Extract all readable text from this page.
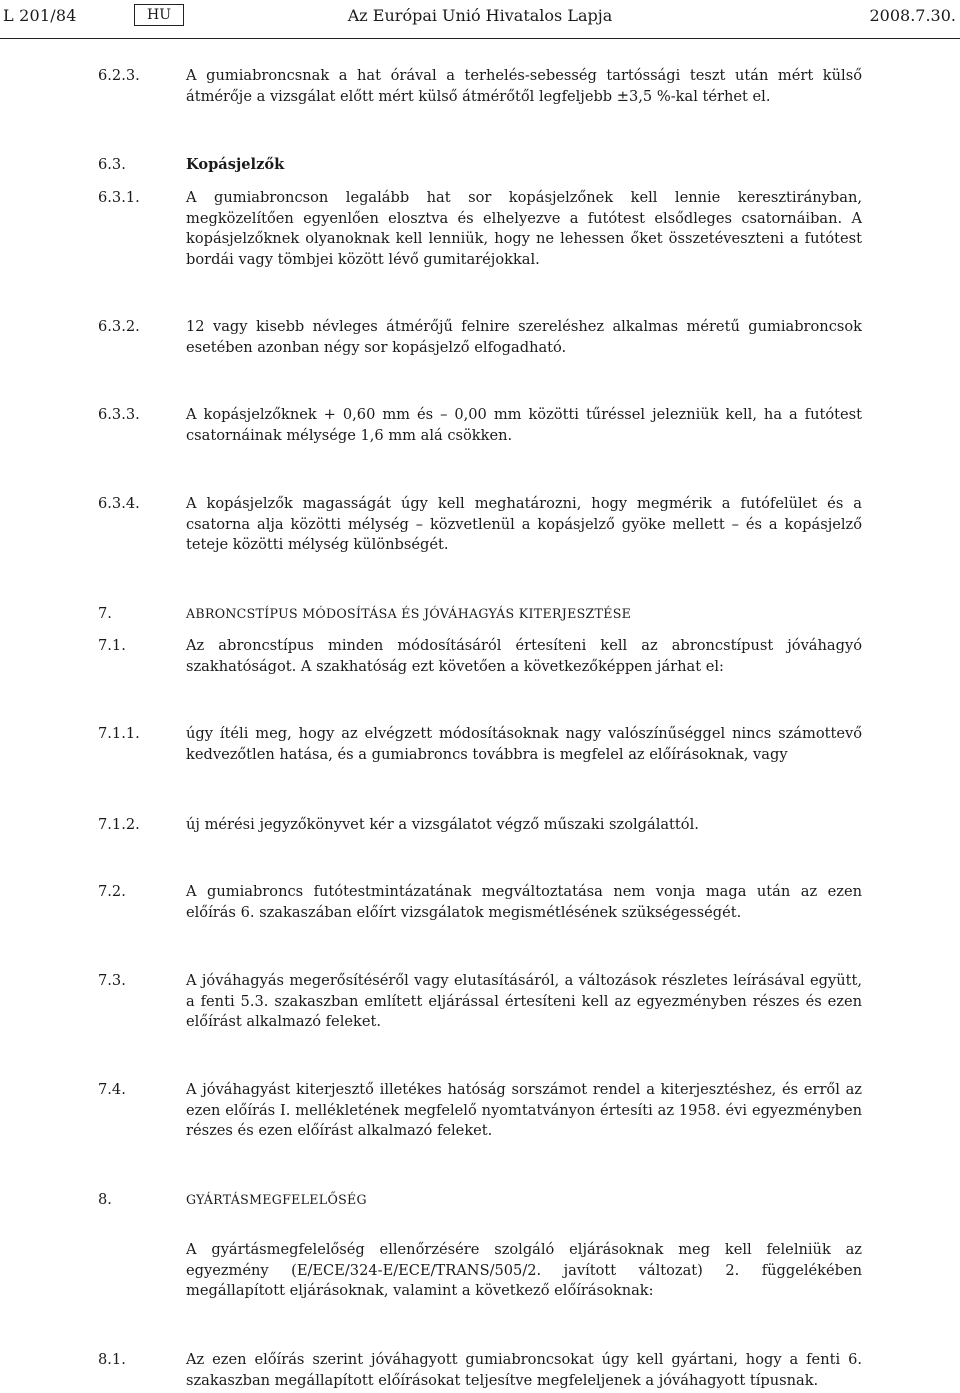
L 201/84	HU	Az Európai Unió Hivatalos Lapja	2008.7.30.
6.2.3.	A gumiabroncsnak a hat órával a terhelés-sebesség tartóssági teszt után mért külső átmérője a vizsgálat előtt mért külső átmérőtől legfeljebb ±3,5 %-kal térhet el.

6.3.	Kopásjelzők

6.3.1.	A gumiabroncson legalább hat sor kopásjelzőnek kell lennie keresztirányban, megközelítően egyenlően elosztva és elhelyezve a futótest elsődleges csatornáiban. A kopásjelzőknek olyanoknak kell lenniük, hogy ne lehessen őket összetéveszteni a futótest bordái vagy tömbjei között lévő gumitaréjokkal.

6.3.2.	12 vagy kisebb névleges átmérőjű felnire szereléshez alkalmas méretű gumiabroncsok esetében azonban négy sor kopásjelző elfogadható.

6.3.3.	A kopásjelzőknek + 0,60 mm és – 0,00 mm közötti tűréssel jelezniük kell, ha a futótest csatornáinak mélysége 1,6 mm alá csökken.

6.3.4.	A kopásjelzők magasságát úgy kell meghatározni, hogy megmérik a futófelület és a csatorna alja közötti mélység – közvetlenül a kopásjelző gyöke mellett – és a kopásjelző teteje közötti mélység különbségét.

7.	ABRONCSTÍPUS MÓDOSÍTÁSA ÉS JÓVÁHAGYÁS KITERJESZTÉSE

7.1.	Az abroncstípus minden módosításáról értesíteni kell az abroncstípust jóváhagyó szakhatóságot. A szakhatóság ezt követően a következőképpen járhat el:

7.1.1.	úgy ítéli meg, hogy az elvégzett módosításoknak nagy valószínűséggel nincs számottevő kedvezőtlen hatása, és a gumiabroncs továbbra is megfelel az előírásoknak, vagy

7.1.2.	új mérési jegyzőkönyvet kér a vizsgálatot végző műszaki szolgálattól.

7.2.	A gumiabroncs futótestmintázatának megváltoztatása nem vonja maga után az ezen előírás 6. szakaszában előírt vizsgálatok megismétlésének szükségességét.

7.3.	A jóváhagyás megerősítéséről vagy elutasításáról, a változások részletes leírásával együtt, a fenti 5.3. szakaszban említett eljárással értesíteni kell az egyezményben részes és ezen előírást alkalmazó feleket.

7.4.	A jóváhagyást kiterjesztő illetékes hatóság sorszámot rendel a kiterjesztéshez, és erről az ezen előírás I. mellékletének megfelelő nyomtatványon értesíti az 1958. évi egyezményben részes és ezen előírást alkalmazó feleket.

8.	GYÁRTÁSMEGFELELŐSÉG

A gyártásmegfelelőség ellenőrzésére szolgáló eljárásoknak meg kell felelniük az egyezmény (E/ECE/324-E/ECE/TRANS/505/2. javított változat) 2. függelékében megállapított eljárásoknak, valamint a következő előírásoknak:

8.1.	Az ezen előírás szerint jóváhagyott gumiabroncsokat úgy kell gyártani, hogy a fenti 6. szakaszban megállapított előírásokat teljesítve megfeleljenek a jóváhagyott típusnak.
